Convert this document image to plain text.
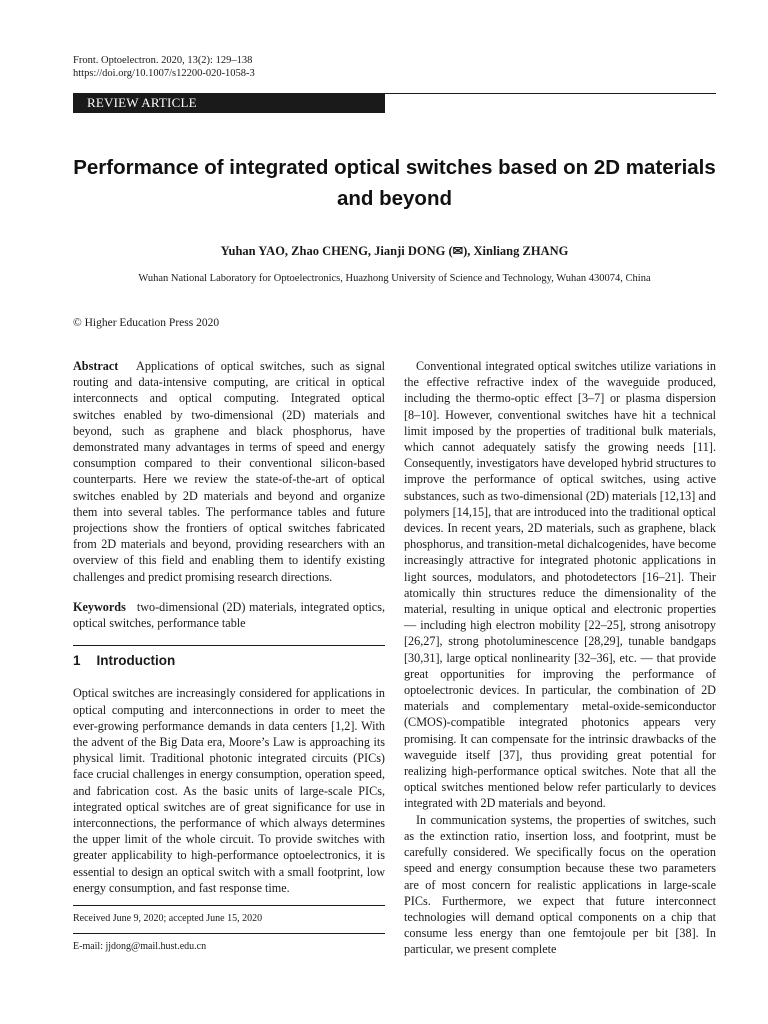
Front. Optoelectron. 2020, 13(2): 129–138
https://doi.org/10.1007/s12200-020-1058-3
REVIEW ARTICLE
Performance of integrated optical switches based on 2D materials and beyond
Yuhan YAO, Zhao CHENG, Jianji DONG (✉), Xinliang ZHANG
Wuhan National Laboratory for Optoelectronics, Huazhong University of Science and Technology, Wuhan 430074, China
© Higher Education Press 2020

Abstract Applications of optical switches, such as signal routing and data-intensive computing, are critical in optical interconnects and optical computing. Integrated optical switches enabled by two-dimensional (2D) materials and beyond, such as graphene and black phosphorus, have demonstrated many advantages in terms of speed and energy consumption compared to their conventional silicon-based counterparts. Here we review the state-of-the-art of optical switches enabled by 2D materials and beyond and organize them into several tables. The performance tables and future projections show the frontiers of optical switches fabricated from 2D materials and beyond, providing researchers with an overview of this field and enabling them to identify existing challenges and predict promising research directions.

Keywords two-dimensional (2D) materials, integrated optics, optical switches, performance table

1 Introduction

Optical switches are increasingly considered for applications in optical computing and interconnections in order to meet the ever-growing performance demands in data centers [1,2]. With the advent of the Big Data era, Moore’s Law is approaching its physical limit. Traditional photonic integrated circuits (PICs) face crucial challenges in energy consumption, operation speed, and fabrication cost. As the basic units of large-scale PICs, integrated optical switches are of great significance for use in interconnections, the performance of which always determines the upper limit of the whole circuit. To provide switches with greater applicability to high-performance optoelectronics, it is essential to design an optical switch with a small footprint, low energy consumption, and fast response time.

Received June 9, 2020; accepted June 15, 2020

E-mail: jjdong@mail.hust.edu.cn

Conventional integrated optical switches utilize variations in the effective refractive index of the waveguide produced, including the thermo-optic effect [3–7] or plasma dispersion [8–10]. However, conventional switches have hit a technical limit imposed by the properties of traditional bulk materials, which cannot adequately satisfy the growing needs [11]. Consequently, investigators have developed hybrid structures to improve the performance of optical switches, using active substances, such as two-dimensional (2D) materials [12,13] and polymers [14,15], that are introduced into the traditional optical devices. In recent years, 2D materials, such as graphene, black phosphorus, and transition-metal dichalcogenides, have become increasingly attractive for integrated photonic applications in light sources, modulators, and photodetectors [16–21]. Their atomically thin structures reduce the dimensionality of the material, resulting in unique optical and electronic properties — including high electron mobility [22–25], strong anisotropy [26,27], strong photoluminescence [28,29], tunable bandgaps [30,31], large optical nonlinearity [32–36], etc. — that provide great opportunities for improving the performance of optoelectronic devices. In particular, the combination of 2D materials and complementary metal-oxide-semiconductor (CMOS)-compatible integrated photonics appears very promising. It can compensate for the intrinsic drawbacks of the waveguide itself [37], thus providing great potential for realizing high-performance optical switches. Note that all the optical switches mentioned below refer particularly to devices integrated with 2D materials and beyond.

In communication systems, the properties of switches, such as the extinction ratio, insertion loss, and footprint, must be carefully considered. We specifically focus on the operation speed and energy consumption because these two parameters are of most concern for realistic applications in large-scale PICs. Furthermore, we expect that future interconnect technologies will demand optical components on a chip that consume less energy than one femtojoule per bit [38]. In particular, we present complete
